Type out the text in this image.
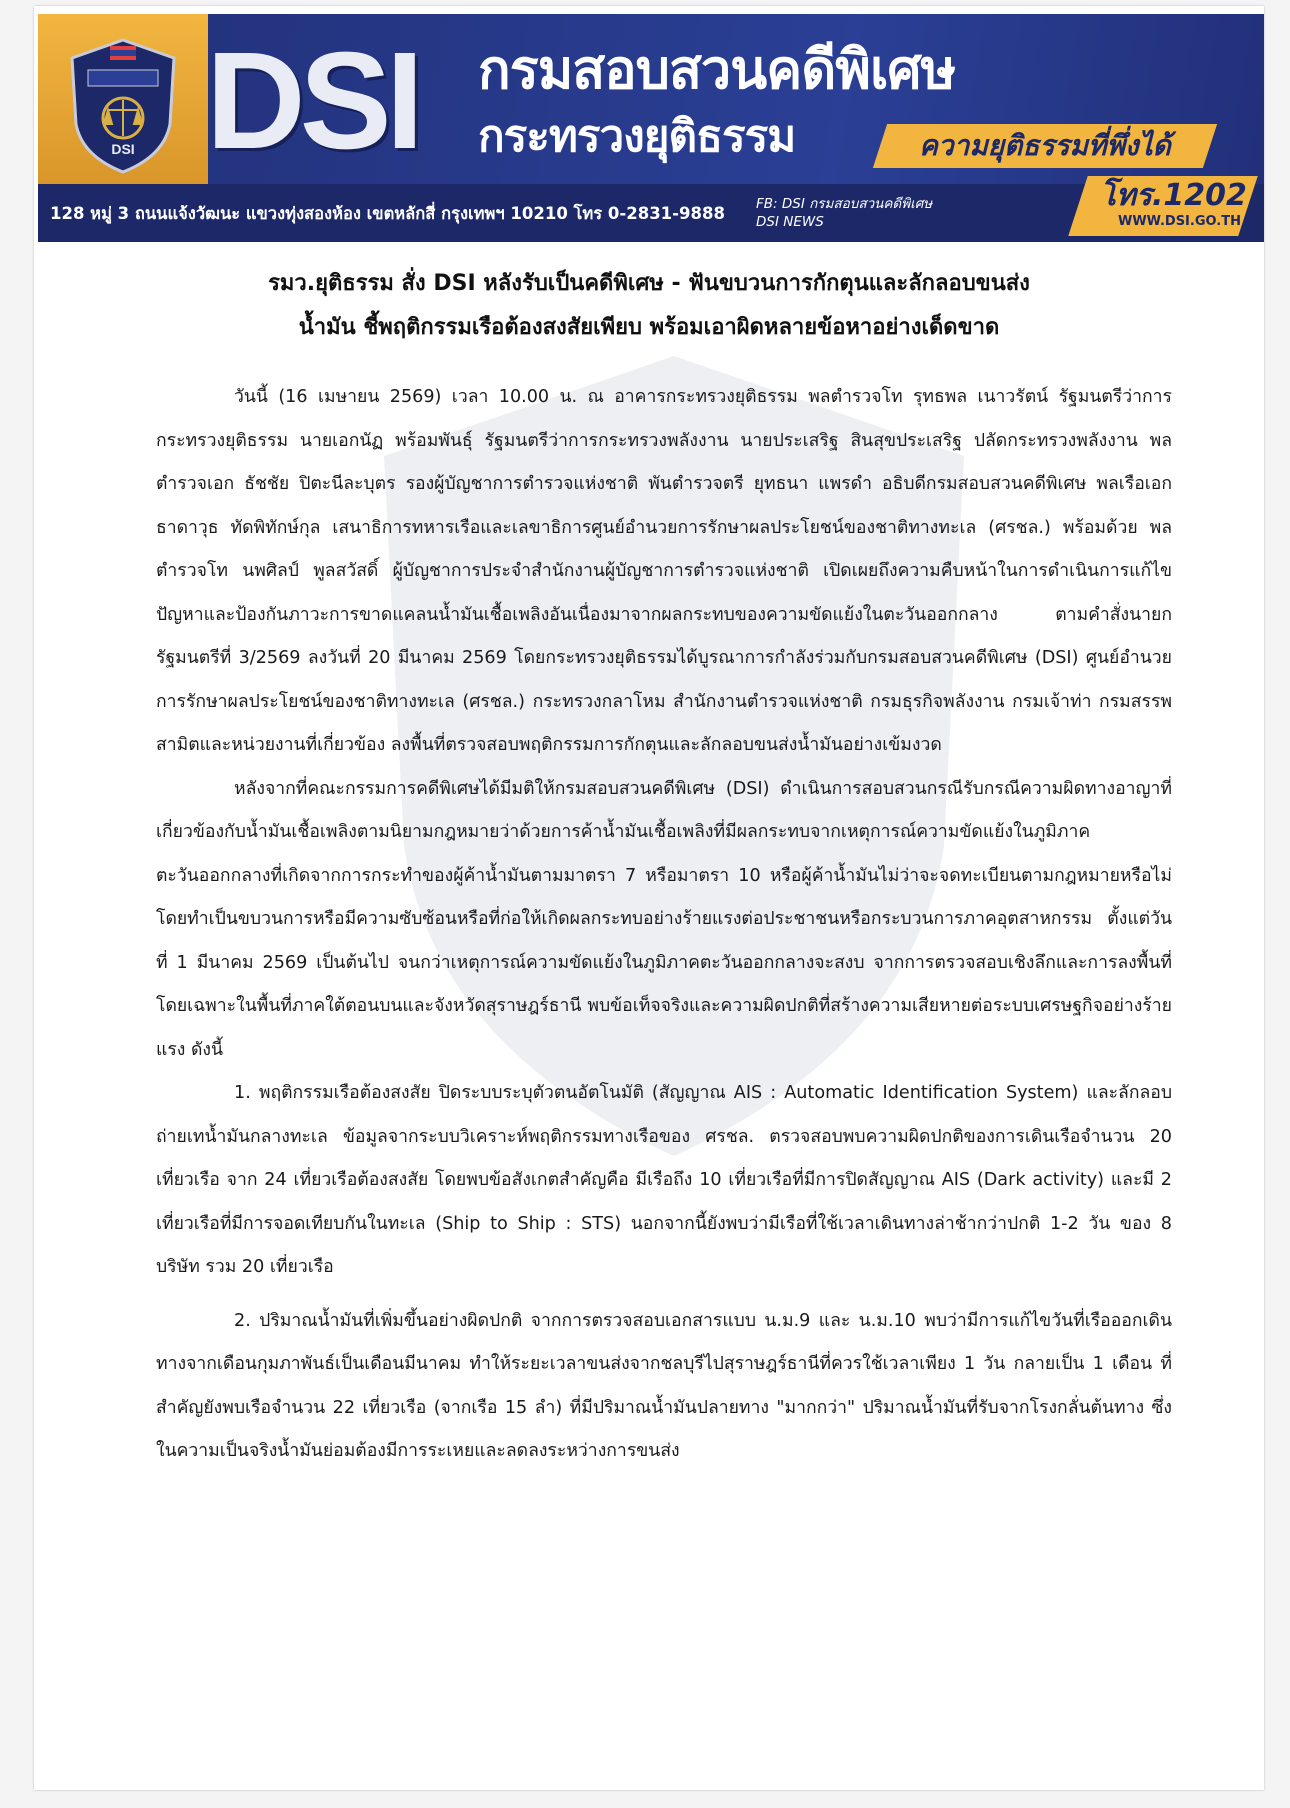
DSI DSI กรมสอบสวนคดีพิเศษ
กระทรวงยุติธรรม	ความยุติธรรมที่พึ่งได้
128 หมู่ 3 ถนนแจ้งวัฒนะ แขวงทุ่งสองห้อง เขตหลักสี่ กรุงเทพฯ 10210 โทร 0-2831-9888 FB: DSI กรมสอบสวนคดีพิเศษ
DSI NEWS
โทร.1202
WWW.DSI.GO.TH
รมว.ยุติธรรม สั่ง DSI หลังรับเป็นคดีพิเศษ - ฟันขบวนการกักตุนและลักลอบขนส่ง
น้ำมัน ชี้พฤติกรรมเรือต้องสงสัยเพียบ พร้อมเอาผิดหลายข้อหาอย่างเด็ดขาด

วันนี้ (16 เมษายน 2569) เวลา 10.00 น. ณ อาคารกระทรวงยุติธรรม พลตำรวจโท รุทธพล เนาวรัตน์ รัฐมนตรีว่าการกระทรวงยุติธรรม นายเอกนัฏ พร้อมพันธุ์ รัฐมนตรีว่าการกระทรวงพลังงาน นายประเสริฐ สินสุขประเสริฐ ปลัดกระทรวงพลังงาน พลตำรวจเอก ธัชชัย ปิตะนีละบุตร รองผู้บัญชาการตำรวจแห่งชาติ พันตำรวจตรี ยุทธนา แพรดำ อธิบดีกรมสอบสวนคดีพิเศษ พลเรือเอก ธาดาวุธ ทัดพิทักษ์กุล เสนาธิการทหารเรือและเลขาธิการศูนย์อำนวยการรักษาผลประโยชน์ของชาติทางทะเล (ศรชล.) พร้อมด้วย พลตำรวจโท นพศิลป์ พูลสวัสดิ์ ผู้บัญชาการประจำสำนักงานผู้บัญชาการตำรวจแห่งชาติ เปิดเผยถึงความคืบหน้าในการดำเนินการแก้ไขปัญหาและป้องกันภาวะการขาดแคลนน้ำมันเชื้อเพลิงอันเนื่องมาจากผลกระทบของความขัดแย้งในตะวันออกกลาง ตามคำสั่งนายกรัฐมนตรีที่ 3/2569 ลงวันที่ 20 มีนาคม 2569 โดยกระทรวงยุติธรรมได้บูรณาการกำลังร่วมกับกรมสอบสวนคดีพิเศษ (DSI) ศูนย์อำนวยการรักษาผลประโยชน์ของชาติทางทะเล (ศรชล.) กระทรวงกลาโหม สำนักงานตำรวจแห่งชาติ กรมธุรกิจพลังงาน กรมเจ้าท่า กรมสรรพสามิตและหน่วยงานที่เกี่ยวข้อง ลงพื้นที่ตรวจสอบพฤติกรรมการกักตุนและลักลอบขนส่งน้ำมันอย่างเข้มงวด

หลังจากที่คณะกรรมการคดีพิเศษได้มีมติให้กรมสอบสวนคดีพิเศษ (DSI) ดำเนินการสอบสวนกรณีรับกรณีความผิดทางอาญาที่เกี่ยวข้องกับน้ำมันเชื้อเพลิงตามนิยามกฎหมายว่าด้วยการค้าน้ำมันเชื้อเพลิงที่มีผลกระทบจากเหตุการณ์ความขัดแย้งในภูมิภาคตะวันออกกลางที่เกิดจากการกระทำของผู้ค้าน้ำมันตามมาตรา 7 หรือมาตรา 10 หรือผู้ค้าน้ำมันไม่ว่าจะจดทะเบียนตามกฎหมายหรือไม่ โดยทำเป็นขบวนการหรือมีความซับซ้อนหรือที่ก่อให้เกิดผลกระทบอย่างร้ายแรงต่อประชาชนหรือกระบวนการภาคอุตสาหกรรม ตั้งแต่วันที่ 1 มีนาคม 2569 เป็นต้นไป จนกว่าเหตุการณ์ความขัดแย้งในภูมิภาคตะวันออกกลางจะสงบ จากการตรวจสอบเชิงลึกและการลงพื้นที่ โดยเฉพาะในพื้นที่ภาคใต้ตอนบนและจังหวัดสุราษฎร์ธานี พบข้อเท็จจริงและความผิดปกติที่สร้างความเสียหายต่อระบบเศรษฐกิจอย่างร้ายแรง ดังนี้

1. พฤติกรรมเรือต้องสงสัย ปิดระบบระบุตัวตนอัตโนมัติ (สัญญาณ AIS : Automatic Identification System) และลักลอบถ่ายเทน้ำมันกลางทะเล ข้อมูลจากระบบวิเคราะห์พฤติกรรมทางเรือของ ศรชล. ตรวจสอบพบความผิดปกติของการเดินเรือจำนวน 20 เที่ยวเรือ จาก 24 เที่ยวเรือต้องสงสัย โดยพบข้อสังเกตสำคัญคือ มีเรือถึง 10 เที่ยวเรือที่มีการปิดสัญญาณ AIS (Dark activity) และมี 2 เที่ยวเรือที่มีการจอดเทียบกันในทะเล (Ship to Ship : STS) นอกจากนี้ยังพบว่ามีเรือที่ใช้เวลาเดินทางล่าช้ากว่าปกติ 1-2 วัน ของ 8 บริษัท รวม 20 เที่ยวเรือ

2. ปริมาณน้ำมันที่เพิ่มขึ้นอย่างผิดปกติ จากการตรวจสอบเอกสารแบบ น.ม.9 และ น.ม.10 พบว่ามีการแก้ไขวันที่เรือออกเดินทางจากเดือนกุมภาพันธ์เป็นเดือนมีนาคม ทำให้ระยะเวลาขนส่งจากชลบุรีไปสุราษฎร์ธานีที่ควรใช้เวลาเพียง 1 วัน กลายเป็น 1 เดือน ที่สำคัญยังพบเรือจำนวน 22 เที่ยวเรือ (จากเรือ 15 ลำ) ที่มีปริมาณน้ำมันปลายทาง "มากกว่า" ปริมาณน้ำมันที่รับจากโรงกลั่นต้นทาง ซึ่งในความเป็นจริงน้ำมันย่อมต้องมีการระเหยและลดลงระหว่างการขนส่ง
